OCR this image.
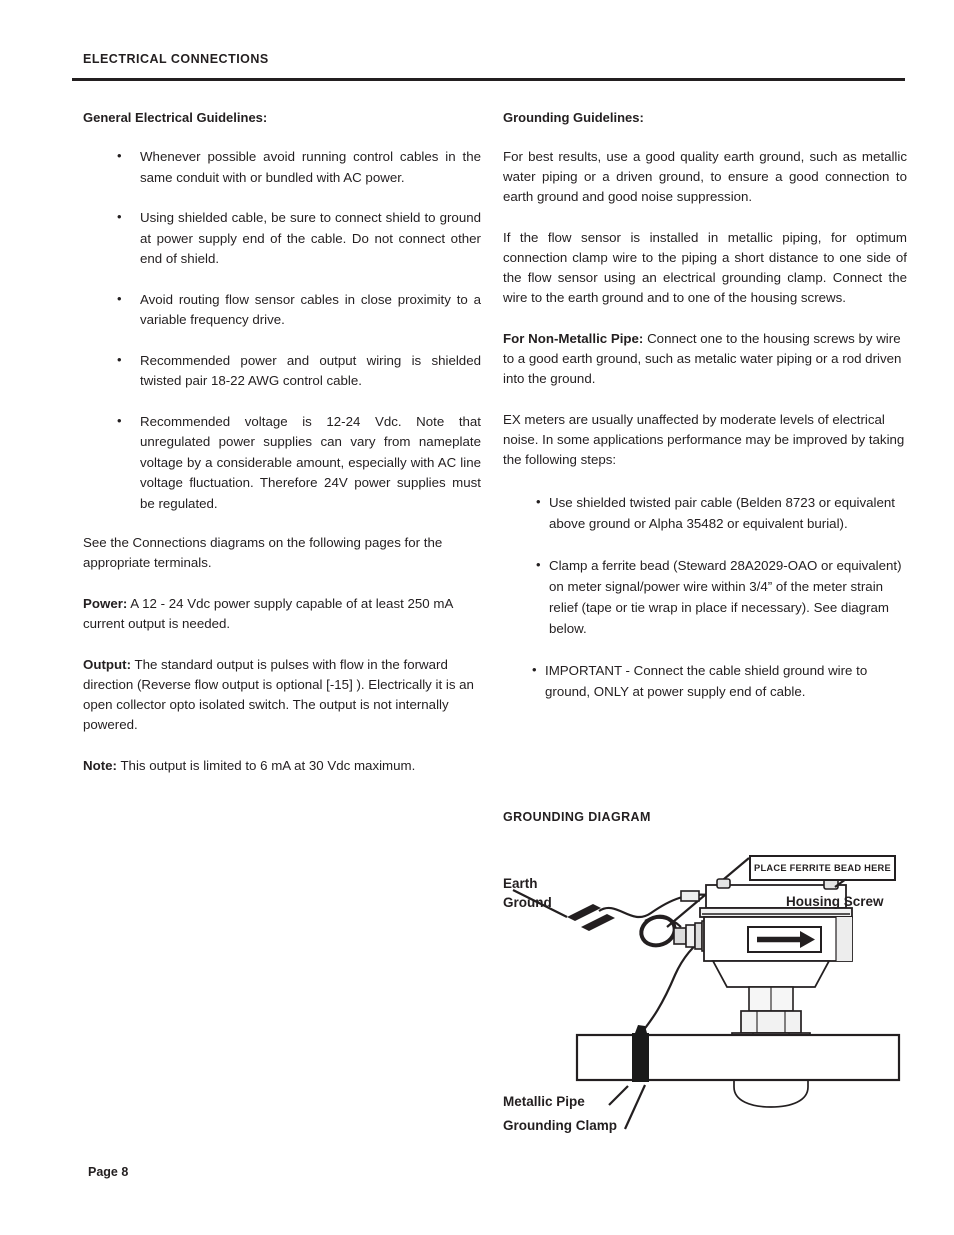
ELECTRICAL CONNECTIONS
General Electrical Guidelines:
• Whenever possible avoid running control cables in the same conduit with or bundled with AC power.
• Using shielded cable, be sure to connect shield to ground at power supply end of the cable. Do not connect other end of shield.
• Avoid routing flow sensor cables in close proximity to a variable frequency drive.
• Recommended power and output wiring is shielded twisted pair 18-22 AWG control cable.
• Recommended voltage is 12-24 Vdc. Note that unregulated power supplies can vary from nameplate voltage by a considerable amount, especially with AC line voltage fluctuation. Therefore 24V power supplies must be regulated.

See the Connections diagrams on the following pages for the appropriate terminals.

Power: A 12 - 24 Vdc power supply capable of at least 250 mA current output is needed.

Output: The standard output is pulses with flow in the forward direction (Reverse flow output is optional [-15] ). Electrically it is an open collector opto isolated switch. The output is not internally powered.

Note: This output is limited to 6 mA at 30 Vdc maximum.

Grounding Guidelines:

For best results, use a good quality earth ground, such as metallic water piping or a driven ground, to ensure a good connection to earth ground and good noise suppression.

If the flow sensor is installed in metallic piping, for optimum connection clamp wire to the piping a short distance to one side of the flow sensor using an electrical grounding clamp. Connect the wire to the earth ground and to one of the housing screws.

For Non-Metallic Pipe: Connect one to the housing screws by wire to a good earth ground, such as metalic water piping or a rod driven into the ground.

EX meters are usually unaffected by moderate levels of electrical noise. In some applications performance may be improved by taking the following steps:

• Use shielded twisted pair cable (Belden 8723 or equivalent above ground or Alpha 35482 or equivalent burial).
• Clamp a ferrite bead (Steward 28A2029-OAO or equivalent) on meter signal/power wire within 3/4” of the meter strain relief (tape or tie wrap in place if necessary). See diagram below.
• IMPORTANT - Connect the cable shield ground wire to ground, ONLY at power supply end of cable.
GROUNDING DIAGRAM
PLACE FERRITE BEAD HERE
Earth
Ground	Housing Screw
Metallic Pipe
Grounding Clamp
Page 8
